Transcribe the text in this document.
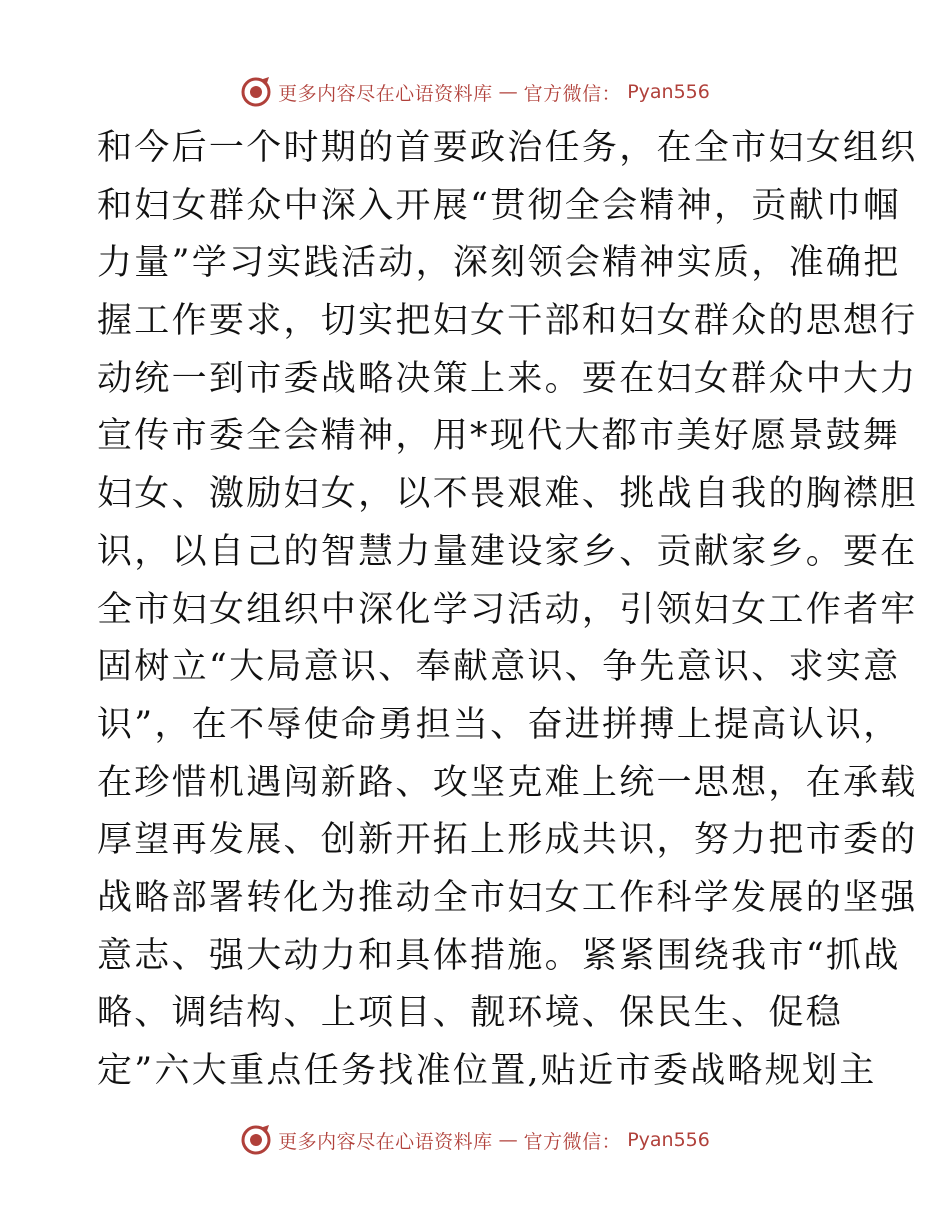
更多内容尽在心语资料库 — 官方微信： Pyan556
和今后一个时期的首要政治任务，在全市妇女组织
和妇女群众中深入开展“贯彻全会精神，贡献巾帼
力量”学习实践活动，深刻领会精神实质，准确把
握工作要求，切实把妇女干部和妇女群众的思想行
动统一到市委战略决策上来。要在妇女群众中大力
宣传市委全会精神，用*现代大都市美好愿景鼓舞
妇女、激励妇女，以不畏艰难、挑战自我的胸襟胆
识，以自己的智慧力量建设家乡、贡献家乡。要在
全市妇女组织中深化学习活动，引领妇女工作者牢
固树立“大局意识、奉献意识、争先意识、求实意
识”，在不辱使命勇担当、奋进拼搏上提高认识，
在珍惜机遇闯新路、攻坚克难上统一思想，在承载
厚望再发展、创新开拓上形成共识，努力把市委的
战略部署转化为推动全市妇女工作科学发展的坚强
意志、强大动力和具体措施。紧紧围绕我市“抓战
略、调结构、上项目、靓环境、保民生、促稳
定”六大重点任务找准位置,贴近市委战略规划主
更多内容尽在心语资料库 — 官方微信： Pyan556
